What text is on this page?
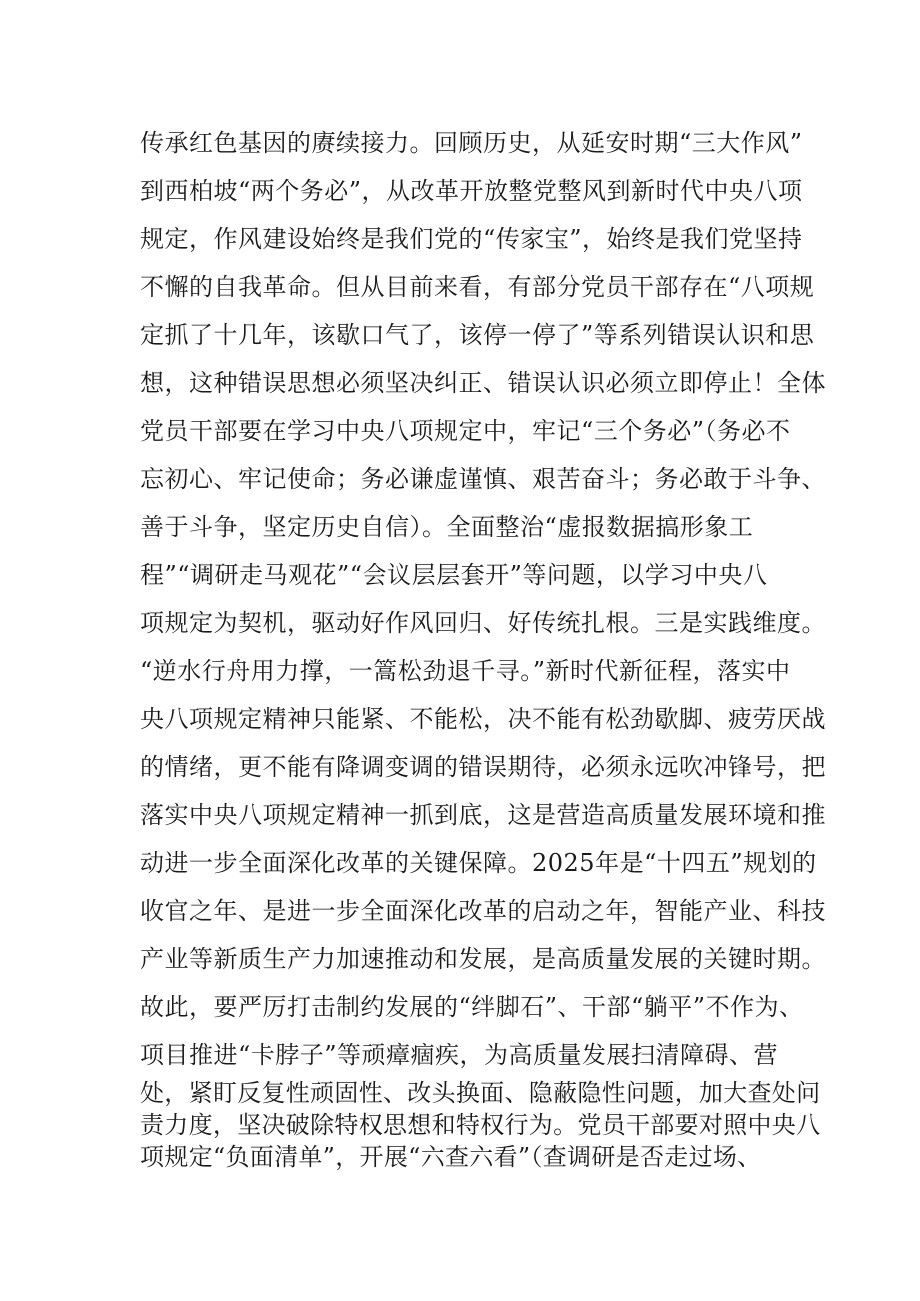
传承红色基因的赓续接力。回顾历史，从延安时期“三大作风”
到西柏坡“两个务必”，从改革开放整党整风到新时代中央八项
规定，作风建设始终是我们党的“传家宝”，始终是我们党坚持
不懈的自我革命。但从目前来看，有部分党员干部存在“八项规
定抓了十几年，该歇口气了，该停一停了”等系列错误认识和思
想，这种错误思想必须坚决纠正、错误认识必须立即停止！全体
党员干部要在学习中央八项规定中，牢记“三个务必”（务必不
忘初心、牢记使命；务必谦虚谨慎、艰苦奋斗；务必敢于斗争、
善于斗争，坚定历史自信）。全面整治“虚报数据搞形象工
程”“调研走马观花”“会议层层套开”等问题，以学习中央八
项规定为契机，驱动好作风回归、好传统扎根。三是实践维度。
“逆水行舟用力撑，一篙松劲退千寻。”新时代新征程，落实中
央八项规定精神只能紧、不能松，决不能有松劲歇脚、疲劳厌战
的情绪，更不能有降调变调的错误期待，必须永远吹冲锋号，把
落实中央八项规定精神一抓到底，这是营造高质量发展环境和推
动进一步全面深化改革的关键保障。2025年是“十四五”规划的
收官之年、是进一步全面深化改革的启动之年，智能产业、科技
产业等新质生产力加速推动和发展，是高质量发展的关键时期。
故此，要严厉打击制约发展的“绊脚石”、干部“躺平”不作为、
项目推进“卡脖子”等顽瘴痼疾，为高质量发展扫清障碍、营
处，紧盯反复性顽固性、改头换面、隐蔽隐性问题，加大查处问
责力度，坚决破除特权思想和特权行为。党员干部要对照中央八
项规定“负面清单”，开展“六查六看”（查调研是否走过场、
